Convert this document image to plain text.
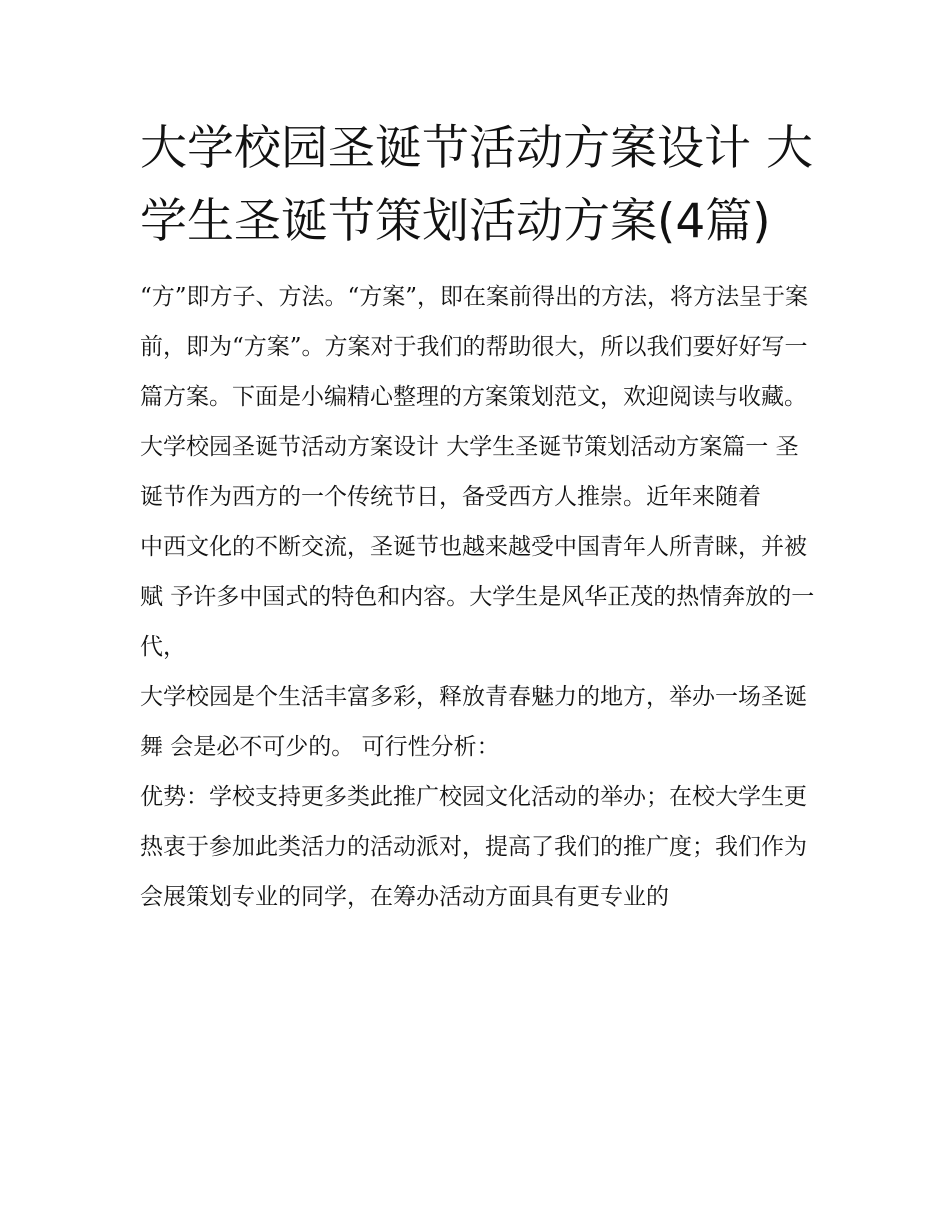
大学校园圣诞节活动方案设计 大学生圣诞节策划活动方案(4篇)

“方”即方子、方法。“方案”，即在案前得出的方法，将方法呈于案前，即为“方案”。方案对于我们的帮助很大，所以我们要好好写一篇方案。下面是小编精心整理的方案策划范文，欢迎阅读与收藏。

大学校园圣诞节活动方案设计 大学生圣诞节策划活动方案篇一 圣诞节作为西方的一个传统节日，备受西方人推崇。近年来随着

中西文化的不断交流，圣诞节也越来越受中国青年人所青睐，并被赋 予许多中国式的特色和内容。大学生是风华正茂的热情奔放的一代，

大学校园是个生活丰富多彩，释放青春魅力的地方，举办一场圣诞舞 会是必不可少的。 可行性分析：

优势：学校支持更多类此推广校园文化活动的举办；在校大学生更热衷于参加此类活力的活动派对，提高了我们的推广度；我们作为会展策划专业的同学，在筹办活动方面具有更专业的
